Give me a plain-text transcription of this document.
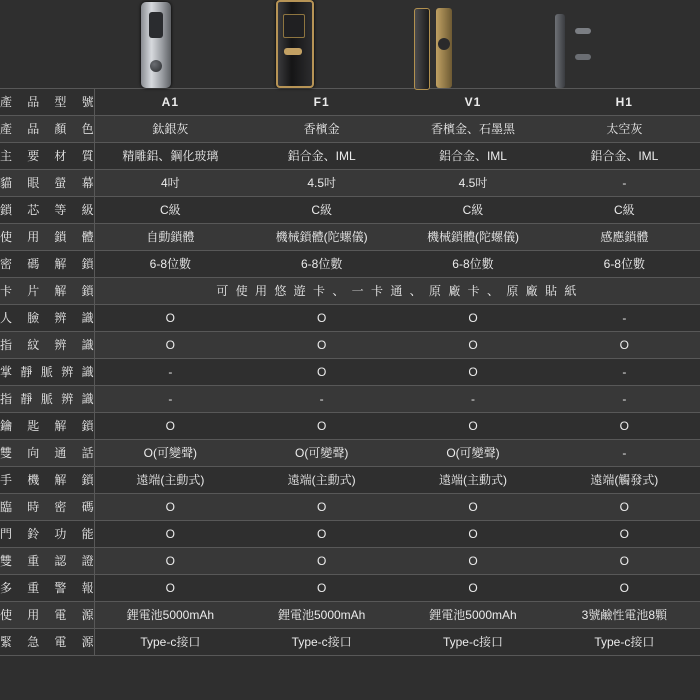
產 品 型 號	A1	F1	V1	H1
產 品 顏 色	鈦銀灰	香檳金	香檳金、石墨黑	太空灰
主 要 材 質	精雕鋁、鋼化玻璃	鋁合金、IML	鋁合金、IML	鋁合金、IML
貓 眼 螢 幕	4吋	4.5吋	4.5吋	-
鎖 芯 等 級	C級	C級	C級	C級
使 用 鎖 體	自動鎖體	機械鎖體(陀螺儀)	機械鎖體(陀螺儀)	感應鎖體
密 碼 解 鎖	6-8位數	6-8位數	6-8位數	6-8位數
卡 片 解 鎖	可 使 用 悠 遊 卡 、 一 卡 通 、 原 廠 卡 、 原 廠 貼 紙			
人 臉 辨 識	O	O	O	-
指 紋 辨 識	O	O	O	O
掌靜脈辨識	-	O	O	-
指靜脈辨識	-	-	-	-
鑰 匙 解 鎖	O	O	O	O
雙 向 通 話	O(可變聲)	O(可變聲)	O(可變聲)	-
手 機 解 鎖	遠端(主動式)	遠端(主動式)	遠端(主動式)	遠端(觸發式)
臨 時 密 碼	O	O	O	O
門 鈴 功 能	O	O	O	O
雙 重 認 證	O	O	O	O
多 重 警 報	O	O	O	O
使 用 電 源	鋰電池5000mAh	鋰電池5000mAh	鋰電池5000mAh	3號鹼性電池8顆
緊 急 電 源	Type-c接口	Type-c接口	Type-c接口	Type-c接口
